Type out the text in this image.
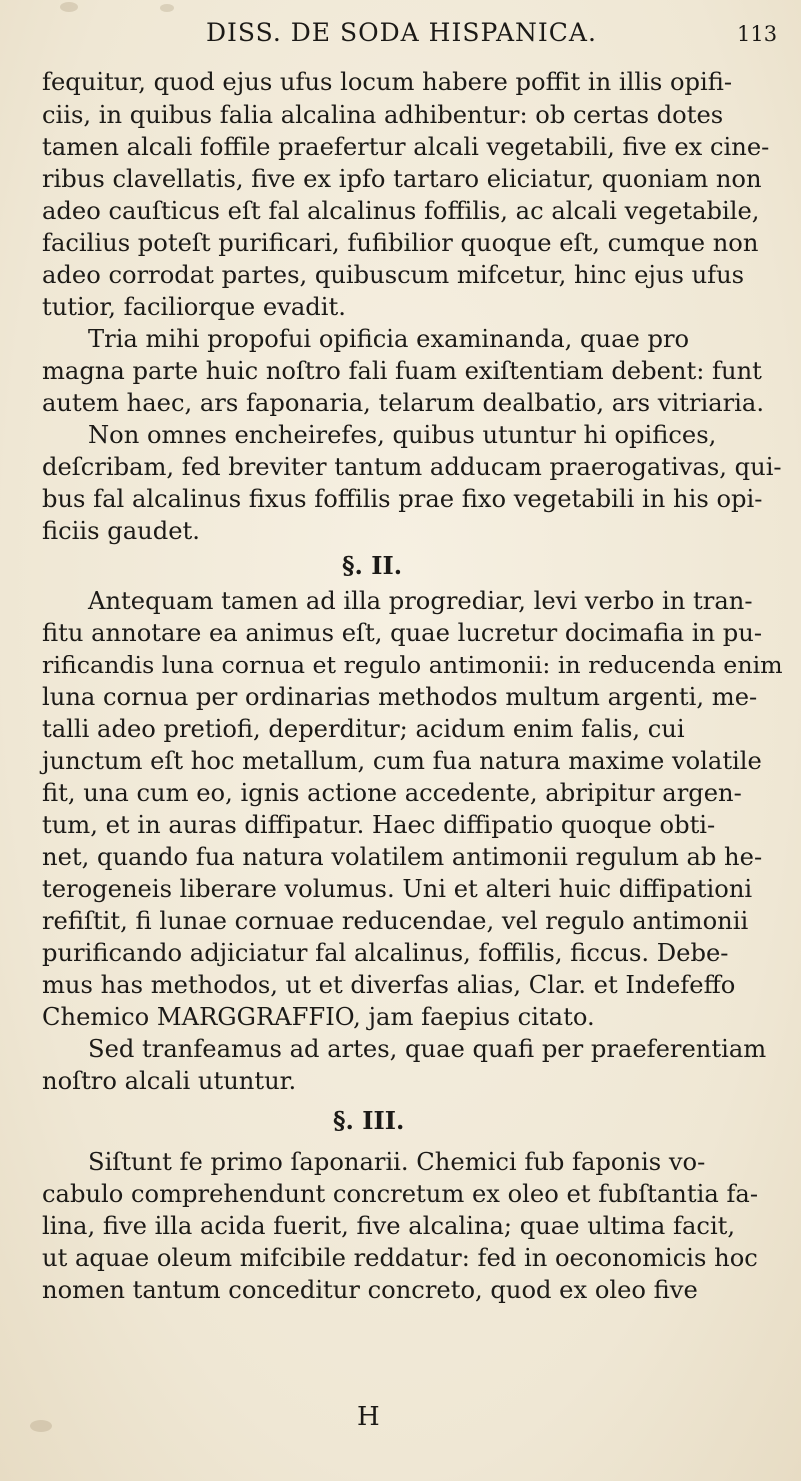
DISS. DE SODA HISPANICA.	113
fequitur, quod ejus ufus locum habere poffit in illis opifi-
ciis, in quibus falia alcalina adhibentur: ob certas dotes
tamen alcali foffile praefertur alcali vegetabili, five ex cine-
ribus clavellatis, five ex ipfo tartaro eliciatur, quoniam non
adeo cauſticus eſt fal alcalinus foffilis, ac alcali vegetabile,
facilius poteſt purificari, fufibilior quoque eſt, cumque non
adeo corrodat partes, quibuscum mifcetur, hinc ejus ufus
tutior, faciliorque evadit.
Tria mihi propofui opificia examinanda, quae pro
magna parte huic noſtro fali fuam exiſtentiam debent: funt
autem haec, ars faponaria, telarum dealbatio, ars vitriaria.
Non omnes encheirefes, quibus utuntur hi opifices,
deſcribam, fed breviter tantum adducam praerogativas, qui-
bus fal alcalinus fixus foffilis prae fixo vegetabili in his opi-
ficiis gaudet.
§. II.
Antequam tamen ad illa progrediar, levi verbo in tran-
fitu annotare ea animus eſt, quae lucretur docimafia in pu-
rificandis luna cornua et regulo antimonii: in reducenda enim
luna cornua per ordinarias methodos multum argenti, me-
talli adeo pretiofi, deperditur; acidum enim falis, cui
junctum eſt hoc metallum, cum fua natura maxime volatile
fit, una cum eo, ignis actione accedente, abripitur argen-
tum, et in auras diffipatur. Haec diffipatio quoque obti-
net, quando fua natura volatilem antimonii regulum ab he-
terogeneis liberare volumus. Uni et alteri huic diffipationi
refiſtit, fi lunae cornuae reducendae, vel regulo antimonii
purificando adjiciatur fal alcalinus, foffilis, ficcus. Debe-
mus has methodos, ut et diverfas alias, Clar. et Indefeffo
Chemico MARGGRAFFIO, jam faepius citato.
Sed tranfeamus ad artes, quae quafi per praeferentiam
noſtro alcali utuntur.
§. III.
Siſtunt fe primo ſaponarii. Chemici fub faponis vo-
cabulo comprehendunt concretum ex oleo et fubſtantia fa-
lina, five illa acida fuerit, five alcalina; quae ultima facit,
ut aquae oleum mifcibile reddatur: fed in oeconomicis hoc
nomen tantum conceditur concreto, quod ex oleo five
H
